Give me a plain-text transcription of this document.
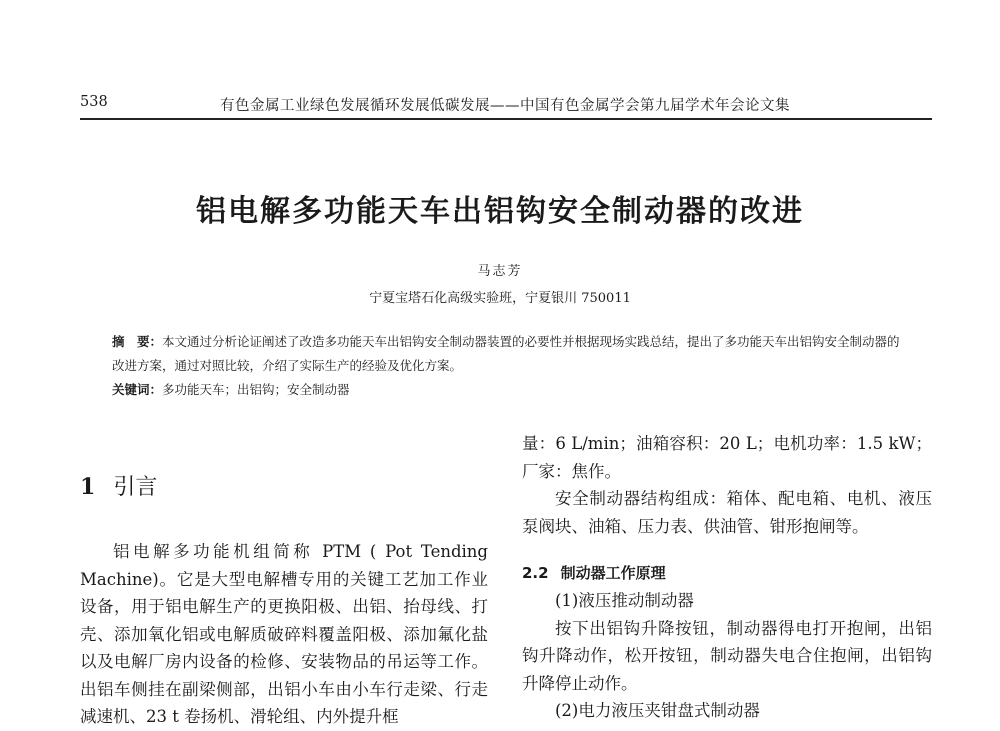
538	有色金属工业绿色发展循环发展低碳发展——中国有色金属学会第九届学术年会论文集
铝电解多功能天车出铝钩安全制动器的改进
马志芳
宁夏宝塔石化高级实验班，宁夏银川 750011

摘　要：本文通过分析论证阐述了改造多功能天车出铝钩安全制动器装置的必要性并根据现场实践总结，提出了多功能天车出铝钩安全制动器的改进方案，通过对照比较，介绍了实际生产的经验及优化方案。

关键词：多功能天车；出铝钩；安全制动器

1 引言

铝电解多功能机组简称 PTM ( Pot Tending Machine)。它是大型电解槽专用的关键工艺加工作业设备，用于铝电解生产的更换阳极、出铝、抬母线、打壳、添加氧化铝或电解质破碎料覆盖阳极、添加氟化盐以及电解厂房内设备的检修、安装物品的吊运等工作。出铝车侧挂在副梁侧部，出铝小车由小车行走梁、行走减速机、23 t 卷扬机、滑轮组、内外提升框

量：6 L/min；油箱容积：20 L；电机功率：1.5 kW；厂家：焦作。

安全制动器结构组成：箱体、配电箱、电机、液压泵阀块、油箱、压力表、供油管、钳形抱闸等。

2.2 制动器工作原理

(1)液压推动制动器

按下出铝钩升降按钮，制动器得电打开抱闸，出铝钩升降动作，松开按钮，制动器失电合住抱闸，出铝钩升降停止动作。

(2)电力液压夹钳盘式制动器
